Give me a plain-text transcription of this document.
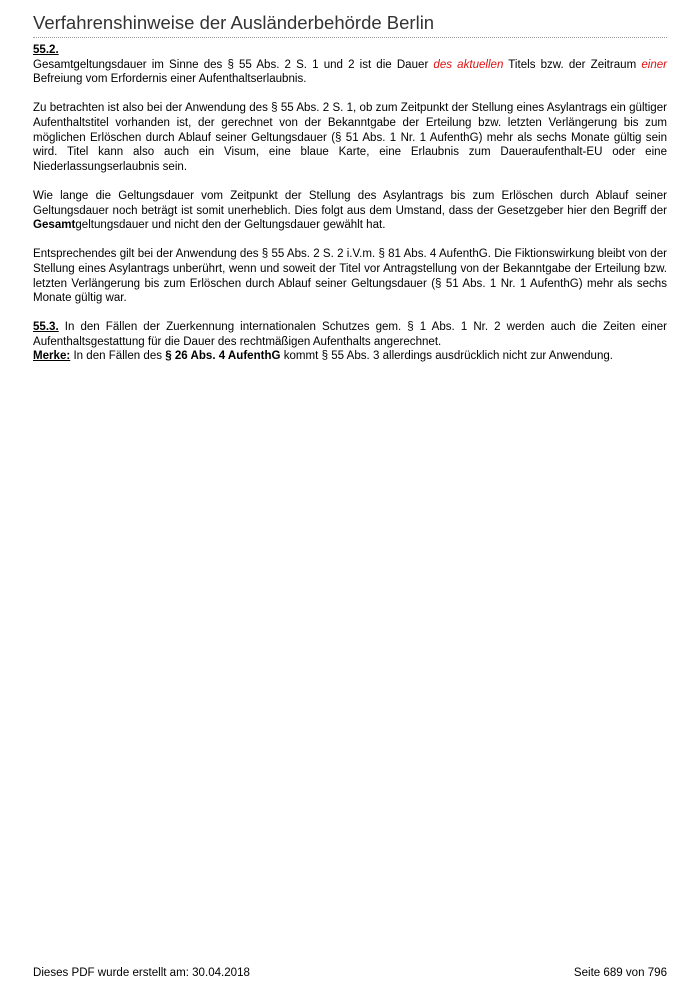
Verfahrenshinweise der Ausländerbehörde Berlin

55.2.

Gesamtgeltungsdauer im Sinne des § 55 Abs. 2 S. 1 und 2 ist die Dauer des aktuellen Titels bzw. der Zeitraum einer Befreiung vom Erfordernis einer Aufenthaltserlaubnis.

Zu betrachten ist also bei der Anwendung des § 55 Abs. 2 S. 1, ob zum Zeitpunkt der Stellung eines Asylantrags ein gültiger Aufenthaltstitel vorhanden ist, der gerechnet von der Bekanntgabe der Erteilung bzw. letzten Verlängerung bis zum möglichen Erlöschen durch Ablauf seiner Geltungsdauer (§ 51 Abs. 1 Nr. 1 AufenthG) mehr als sechs Monate gültig sein wird. Titel kann also auch ein Visum, eine blaue Karte, eine Erlaubnis zum Daueraufenthalt-EU oder eine Niederlassungserlaubnis sein.

Wie lange die Geltungsdauer vom Zeitpunkt der Stellung des Asylantrags bis zum Erlöschen durch Ablauf seiner Geltungsdauer noch beträgt ist somit unerheblich. Dies folgt aus dem Umstand, dass der Gesetzgeber hier den Begriff der Gesamtgeltungsdauer und nicht den der Geltungsdauer gewählt hat.

Entsprechendes gilt bei der Anwendung des § 55 Abs. 2 S. 2 i.V.m. § 81 Abs. 4 AufenthG. Die Fiktionswirkung bleibt von der Stellung eines Asylantrags unberührt, wenn und soweit der Titel vor Antragstellung von der Bekanntgabe der Erteilung bzw. letzten Verlängerung bis zum Erlöschen durch Ablauf seiner Geltungsdauer (§ 51 Abs. 1 Nr. 1 AufenthG) mehr als sechs Monate gültig war.

55.3. In den Fällen der Zuerkennung internationalen Schutzes gem. § 1 Abs. 1 Nr. 2 werden auch die Zeiten einer Aufenthaltsgestattung für die Dauer des rechtmäßigen Aufenthalts angerechnet.

Merke: In den Fällen des § 26 Abs. 4 AufenthG kommt § 55 Abs. 3 allerdings ausdrücklich nicht zur Anwendung.

Dieses PDF wurde erstellt am: 30.04.2018	Seite 689 von 796
